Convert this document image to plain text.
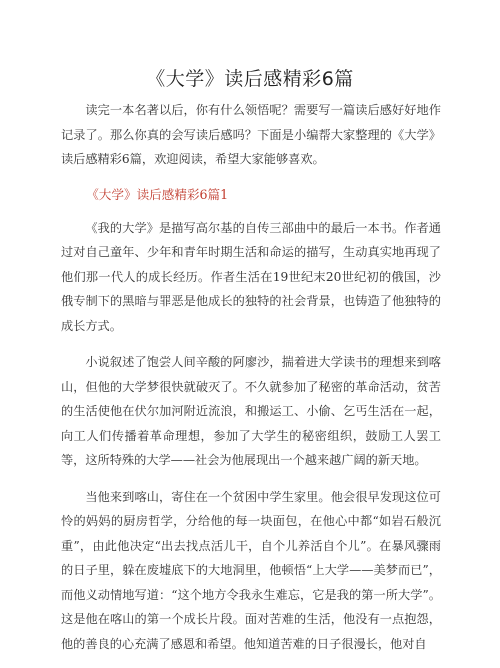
《大学》读后感精彩6篇

读完一本名著以后，你有什么领悟呢？需要写一篇读后感好好地作记录了。那么你真的会写读后感吗？下面是小编帮大家整理的《大学》读后感精彩6篇，欢迎阅读，希望大家能够喜欢。

《大学》读后感精彩6篇1

《我的大学》是描写高尔基的自传三部曲中的最后一本书。作者通过对自己童年、少年和青年时期生活和命运的描写，生动真实地再现了他们那一代人的成长经历。作者生活在19世纪末20世纪初的俄国，沙俄专制下的黑暗与罪恶是他成长的独特的社会背景，也铸造了他独特的成长方式。

小说叙述了饱尝人间辛酸的阿廖沙，揣着进大学读书的理想来到喀山，但他的大学梦很快就破灭了。不久就参加了秘密的革命活动，贫苦的生活使他在伏尔加河附近流浪，和搬运工、小偷、乞丐生活在一起，向工人们传播着革命理想，参加了大学生的秘密组织，鼓励工人罢工等，这所特殊的大学——社会为他展现出一个越来越广阔的新天地。

当他来到喀山，寄住在一个贫困中学生家里。他会很早发现这位可怜的妈妈的厨房哲学，分给他的每一块面包，在他心中都“如岩石般沉重”，由此他决定“出去找点活儿干，自个儿养活自个儿”。在暴风骤雨的日子里，躲在废墟底下的大地洞里，他顿悟“上大学——美梦而已”，而他义动情地写道：“这个地方令我永生难忘，它是我的第一所大学”。这是他在喀山的第一个成长片段。面对苦难的生活，他没有一点抱怨，他的善良的心充满了感恩和希望。他知道苦难的日子很漫长，他对自
